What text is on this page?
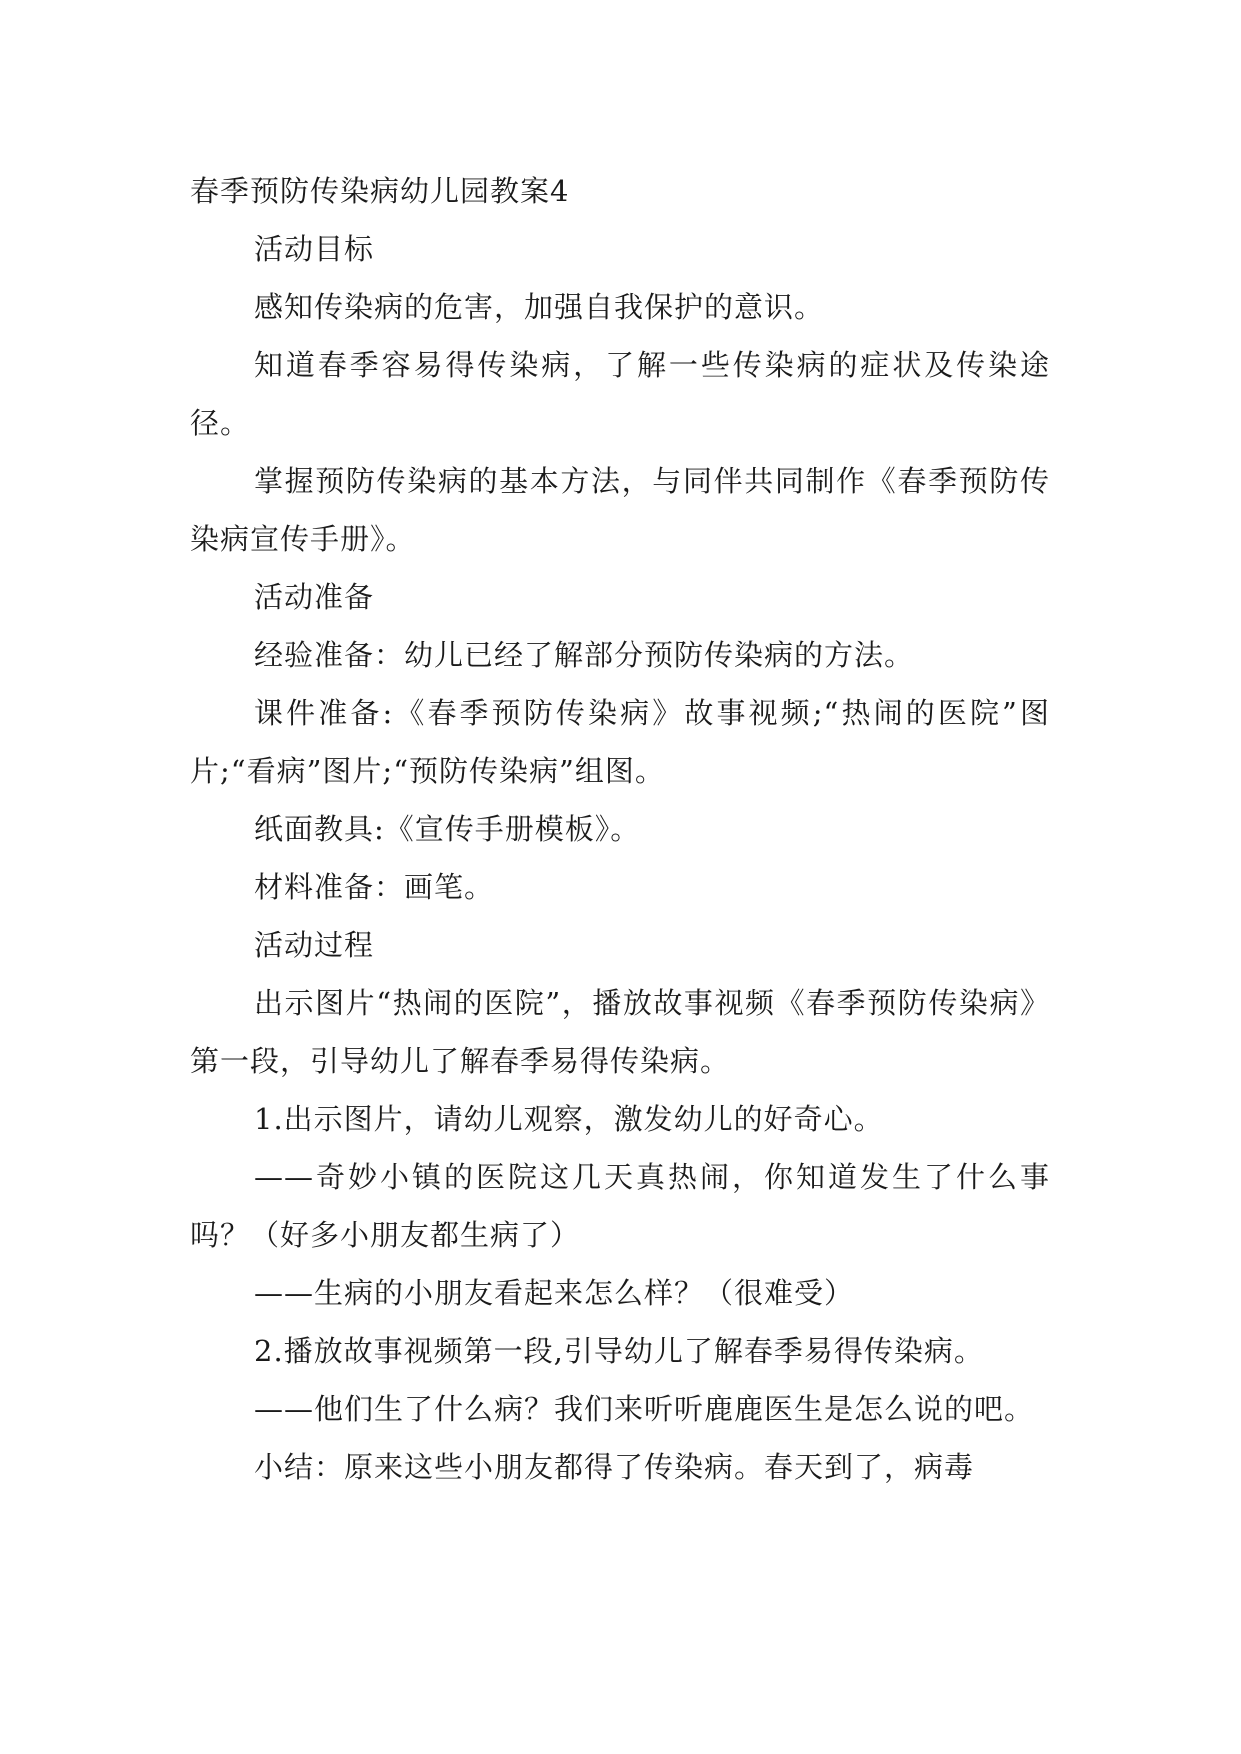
春季预防传染病幼儿园教案4

活动目标

感知传染病的危害，加强自我保护的意识。

知道春季容易得传染病，了解一些传染病的症状及传染途径。

掌握预防传染病的基本方法，与同伴共同制作《春季预防传染病宣传手册》。

活动准备

经验准备：幼儿已经了解部分预防传染病的方法。

课件准备:《春季预防传染病》故事视频;“热闹的医院”图片;“看病”图片;“预防传染病”组图。

纸面教具:《宣传手册模板》。

材料准备：画笔。

活动过程

出示图片“热闹的医院”，播放故事视频《春季预防传染病》第一段，引导幼儿了解春季易得传染病。

1.出示图片，请幼儿观察，激发幼儿的好奇心。

——奇妙小镇的医院这几天真热闹，你知道发生了什么事吗？（好多小朋友都生病了）

——生病的小朋友看起来怎么样？（很难受）

2.播放故事视频第一段,引导幼儿了解春季易得传染病。

——他们生了什么病？我们来听听鹿鹿医生是怎么说的吧。

小结：原来这些小朋友都得了传染病。春天到了，病毒
